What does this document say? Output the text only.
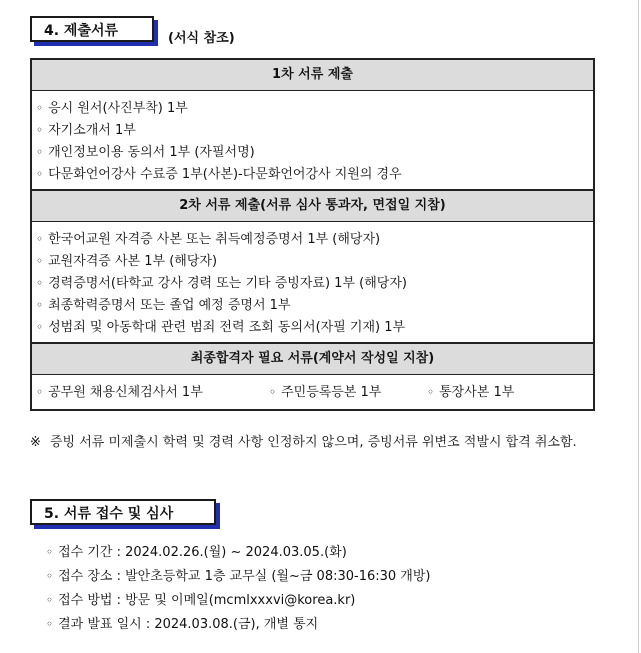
4. 제출서류	(서식 참조)
1차 서류 제출
◦ 응시 원서(사진부착) 1부
◦ 자기소개서 1부
◦ 개인정보이용 동의서 1부 (자필서명)
◦ 다문화언어강사 수료증 1부(사본)-다문화언어강사 지원의 경우
2차 서류 제출(서류 심사 통과자, 면접일 지참)
◦ 한국어교원 자격증 사본 또는 취득예정증명서 1부 (해당자)
◦ 교원자격증 사본 1부 (해당자)
◦ 경력증명서(타학교 강사 경력 또는 기타 증빙자료) 1부 (해당자)
◦ 최종학력증명서 또는 졸업 예정 증명서 1부
◦ 성범죄 및 아동학대 관련 범죄 전력 조회 동의서(자필 기재) 1부
최종합격자 필요 서류(계약서 작성일 지참)
◦ 공무원 채용신체검사서 1부	◦ 주민등록등본 1부	◦ 통장사본 1부
※ 증빙 서류 미제출시 학력 및 경력 사항 인정하지 않으며, 증빙서류 위변조 적발시 합격 취소함.
5. 서류 접수 및 심사
◦ 접수 기간 : 2024.02.26.(월) ~ 2024.03.05.(화)
◦ 접수 장소 : 발안초등학교 1층 교무실 (월~금 08:30-16:30 개방)
◦ 접수 방법 : 방문 및 이메일(mcmlxxxvi@korea.kr)
◦ 결과 발표 일시 : 2024.03.08.(금), 개별 통지
